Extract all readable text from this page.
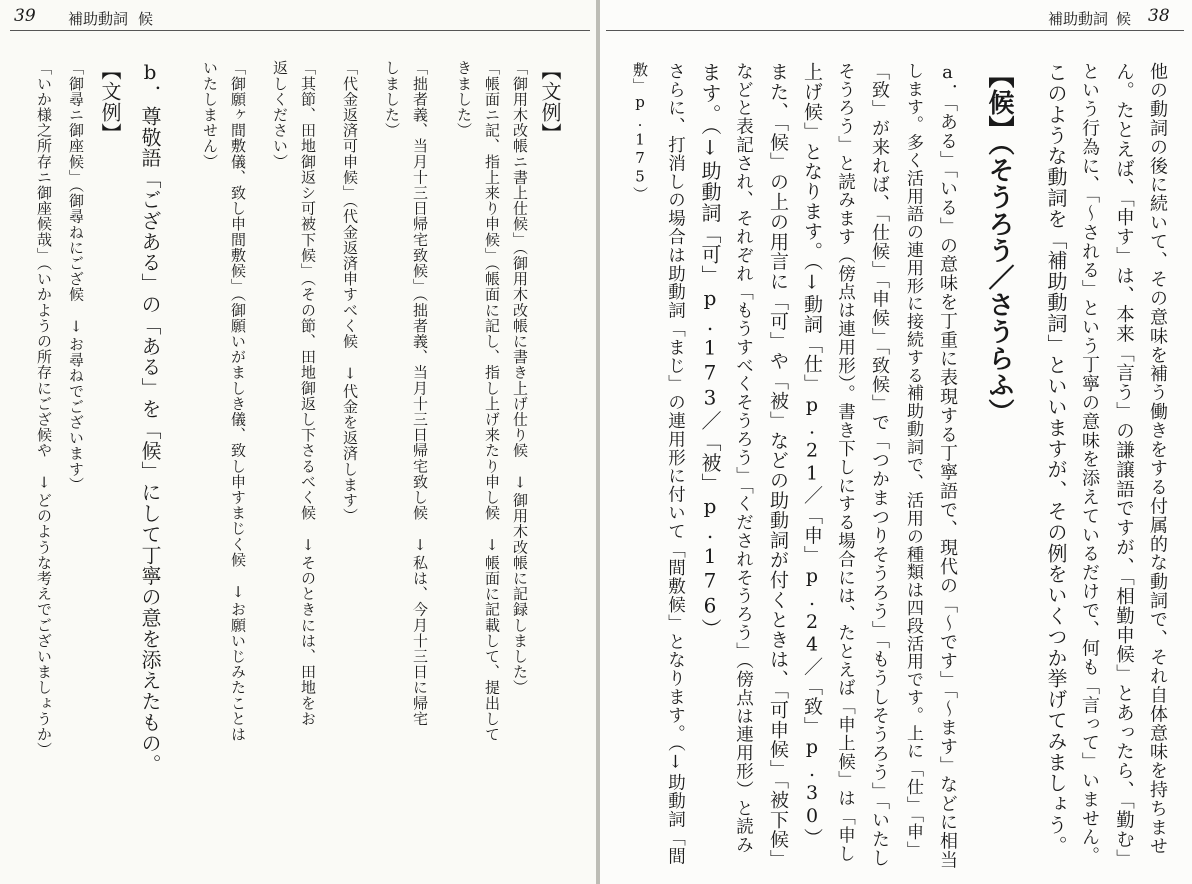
39 補助動詞 候
【文例】
「御用木改帳ニ書上仕候」（御用木改帳に書き上げ仕り候　↓御用木改帳に記録しました）
「帳面ニ記、指上来り申候」（帳面に記し、指し上げ来たり申し候　↓帳面に記載して、提出して
きました）
「拙者義、当月十三日帰宅致候」（拙者義、当月十三日帰宅致し候　↓私は、今月十三日に帰宅
しました）
「代金返済可申候」（代金返済申すべく候　↓代金を返済します）
「其節、田地御返シ可被下候」（その節、田地御返し下さるべく候　↓そのときには、田地をお
返しください）
「御願ヶ間敷儀、致し申間敷候」（御願いがましき儀、致し申すまじく候　↓お願いじみたことは
いたしません）
b．尊敬語「ござある」の「ある」を「候」にして丁寧の意を添えたもの。
【文例】
「御尋ニ御座候」（御尋ねにござ候　↓お尋ねでございます）
「いか様之所存ニ御座候哉」（いかようの所存にござ候や　↓どのような考えでございましょうか）
補助動詞 候 38
他の動詞の後に続いて、その意味を補う働きをする付属的な動詞で、それ自体意味を持ちませ
ん。たとえば、「申す」は、本来「言う」の謙譲語ですが、「相勤申候」とあったら、「勤む」
という行為に、「～される」という丁寧の意味を添えているだけで、何も「言って」いません。
このような動詞を「補助動詞」といいますが、その例をいくつか挙げてみましょう。
【候】（そうろう／さうらふ）
a．「ある」「いる」の意味を丁重に表現する丁寧語で、現代の「～です」「～ます」などに相当
します。多く活用語の連用形に接続する補助動詞で、活用の種類は四段活用です。上に「仕」「申」
「致」が来れば、「仕候」「申候」「致候」で「つかまつりそうろう」「もうしそうろう」「いたし
そうろう」と読みます（傍点は連用形）。書き下しにする場合には、たとえば「申上候」は「申し
上げ候」となります。（↓動詞「仕」p.21／「申」p.24／「致」p.30）
また、「候」の上の用言に「可」や「被」などの助動詞が付くときは、「可申候」「被下候」
などと表記され、それぞれ「もうすべくそうろう」「くだされそうろう」（傍点は連用形）と読み
ます。（↓助動詞「可」p.173／「被」p.176）
さらに、打消しの場合は助動詞「まじ」の連用形に付いて「間敷候」となります。（↓助動詞「間
敷」p.175）
